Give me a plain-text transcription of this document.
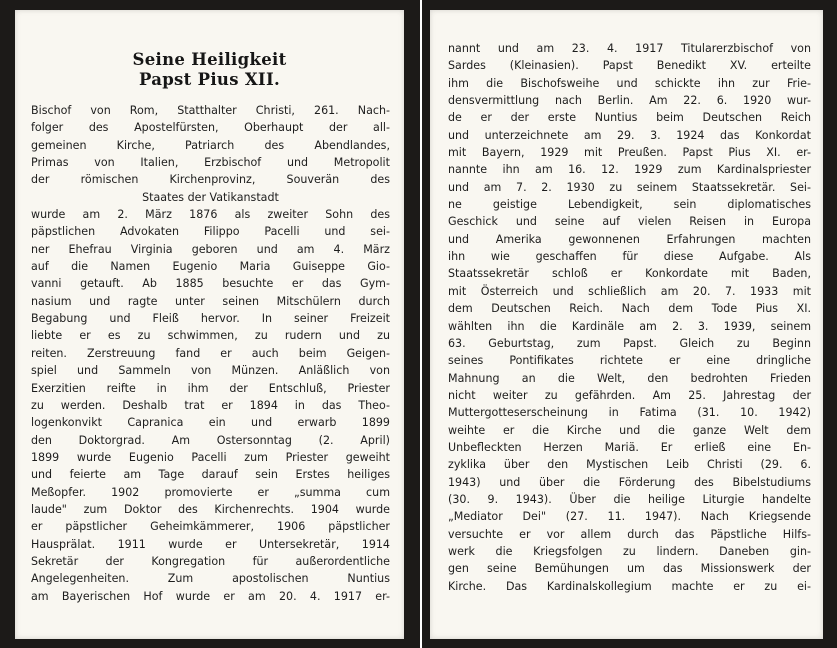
Seine Heiligkeit
Papst Pius XII.
Bischof von Rom, Statthalter Christi, 261. Nach-
folger des Apostelfürsten, Oberhaupt der all-
gemeinen Kirche, Patriarch des Abendlandes,
Primas von Italien, Erzbischof und Metropolit
der römischen Kirchenprovinz, Souverän des
Staates der Vatikanstadt
wurde am 2. März 1876 als zweiter Sohn des
päpstlichen Advokaten Filippo Pacelli und sei-
ner Ehefrau Virginia geboren und am 4. März
auf die Namen Eugenio Maria Guiseppe Gio-
vanni getauft. Ab 1885 besuchte er das Gym-
nasium und ragte unter seinen Mitschülern durch
Begabung und Fleiß hervor. In seiner Freizeit
liebte er es zu schwimmen, zu rudern und zu
reiten. Zerstreuung fand er auch beim Geigen-
spiel und Sammeln von Münzen. Anläßlich von
Exerzitien reifte in ihm der Entschluß, Priester
zu werden. Deshalb trat er 1894 in das Theo-
logenkonvikt Capranica ein und erwarb 1899
den Doktorgrad. Am Ostersonntag (2. April)
1899 wurde Eugenio Pacelli zum Priester geweiht
und feierte am Tage darauf sein Erstes heiliges
Meßopfer. 1902 promovierte er „summa cum
laude" zum Doktor des Kirchenrechts. 1904 wurde
er päpstlicher Geheimkämmerer, 1906 päpstlicher
Hausprälat. 1911 wurde er Untersekretär, 1914
Sekretär der Kongregation für außerordentliche
Angelegenheiten. Zum apostolischen Nuntius
am Bayerischen Hof wurde er am 20. 4. 1917 er-
nannt und am 23. 4. 1917 Titularerzbischof von
Sardes (Kleinasien). Papst Benedikt XV. erteilte
ihm die Bischofsweihe und schickte ihn zur Frie-
densvermittlung nach Berlin. Am 22. 6. 1920 wur-
de er der erste Nuntius beim Deutschen Reich
und unterzeichnete am 29. 3. 1924 das Konkordat
mit Bayern, 1929 mit Preußen. Papst Pius XI. er-
nannte ihn am 16. 12. 1929 zum Kardinalspriester
und am 7. 2. 1930 zu seinem Staatssekretär. Sei-
ne geistige Lebendigkeit, sein diplomatisches
Geschick und seine auf vielen Reisen in Europa
und Amerika gewonnenen Erfahrungen machten
ihn wie geschaffen für diese Aufgabe. Als
Staatssekretär schloß er Konkordate mit Baden,
mit Österreich und schließlich am 20. 7. 1933 mit
dem Deutschen Reich. Nach dem Tode Pius XI.
wählten ihn die Kardinäle am 2. 3. 1939, seinem
63. Geburtstag, zum Papst. Gleich zu Beginn
seines Pontifikates richtete er eine dringliche
Mahnung an die Welt, den bedrohten Frieden
nicht weiter zu gefährden. Am 25. Jahrestag der
Muttergotteserscheinung in Fatima (31. 10. 1942)
weihte er die Kirche und die ganze Welt dem
Unbefleckten Herzen Mariä. Er erließ eine En-
zyklika über den Mystischen Leib Christi (29. 6.
1943) und über die Förderung des Bibelstudiums
(30. 9. 1943). Über die heilige Liturgie handelte
„Mediator Dei" (27. 11. 1947). Nach Kriegsende
versuchte er vor allem durch das Päpstliche Hilfs-
werk die Kriegsfolgen zu lindern. Daneben gin-
gen seine Bemühungen um das Missionswerk der
Kirche. Das Kardinalskollegium machte er zu ei-
